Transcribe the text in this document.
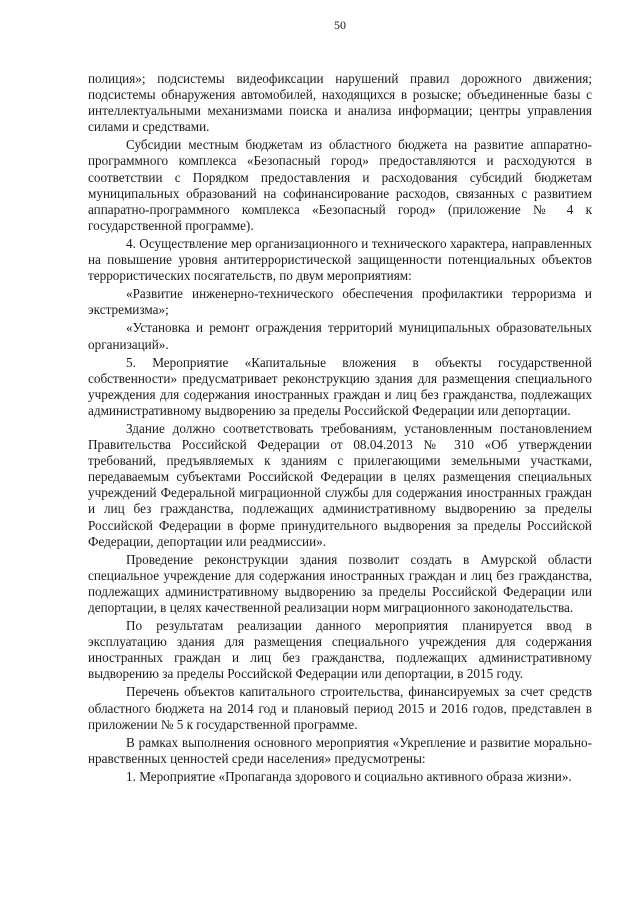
50

полиция»; подсистемы видеофиксации нарушений правил дорожного движения; подсистемы обнаружения автомобилей, находящихся в розыске; объединенные базы с интеллектуальными механизмами поиска и анализа информации; центры управления силами и средствами.

Субсидии местным бюджетам из областного бюджета на развитие аппаратно-программного комплекса «Безопасный город» предоставляются и расходуются в соответствии с Порядком предоставления и расходования субсидий бюджетам муниципальных образований на софинансирование расходов, связанных с развитием аппаратно-программного комплекса «Безопасный город» (приложение № 4 к государственной программе).

4. Осуществление мер организационного и технического характера, направленных на повышение уровня антитеррористической защищенности потенциальных объектов террористических посягательств, по двум мероприятиям:

«Развитие инженерно-технического обеспечения профилактики терроризма и экстремизма»;

«Установка и ремонт ограждения территорий муниципальных образовательных организаций».

5. Мероприятие «Капитальные вложения в объекты государственной собственности» предусматривает реконструкцию здания для размещения специального учреждения для содержания иностранных граждан и лиц без гражданства, подлежащих административному выдворению за пределы Российской Федерации или депортации.

Здание должно соответствовать требованиям, установленным постановлением Правительства Российской Федерации от 08.04.2013 № 310 «Об утверждении требований, предъявляемых к зданиям с прилегающими земельными участками, передаваемым субъектами Российской Федерации в целях размещения специальных учреждений Федеральной миграционной службы для содержания иностранных граждан и лиц без гражданства, подлежащих административному выдворению за пределы Российской Федерации в форме принудительного выдворения за пределы Российской Федерации, депортации или реадмиссии».

Проведение реконструкции здания позволит создать в Амурской области специальное учреждение для содержания иностранных граждан и лиц без гражданства, подлежащих административному выдворению за пределы Российской Федерации или депортации, в целях качественной реализации норм миграционного законодательства.

По результатам реализации данного мероприятия планируется ввод в эксплуатацию здания для размещения специального учреждения для содержания иностранных граждан и лиц без гражданства, подлежащих административному выдворению за пределы Российской Федерации или депортации, в 2015 году.

Перечень объектов капитального строительства, финансируемых за счет средств областного бюджета на 2014 год и плановый период 2015 и 2016 годов, представлен в приложении № 5 к государственной программе.

В рамках выполнения основного мероприятия «Укрепление и развитие морально-нравственных ценностей среди населения» предусмотрены:

1. Мероприятие «Пропаганда здорового и социально активного образа жизни».
